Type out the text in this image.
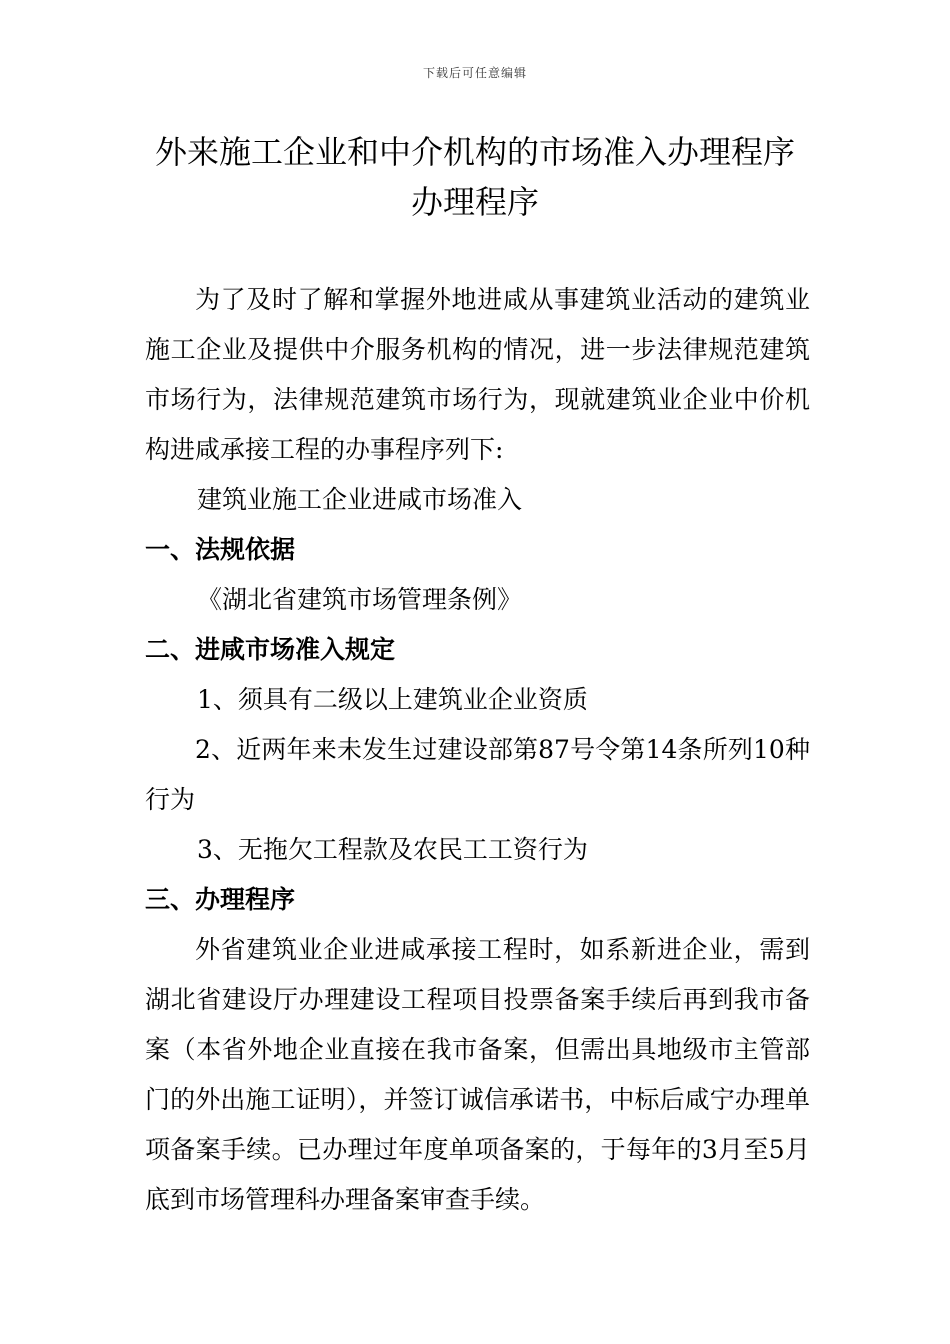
下载后可任意编辑
外来施工企业和中介机构的市场准入办理程序
办理程序

为了及时了解和掌握外地进咸从事建筑业活动的建筑业施工企业及提供中介服务机构的情况，进一步法律规范建筑市场行为，法律规范建筑市场行为，现就建筑业企业中价机构进咸承接工程的办事程序列下:

建筑业施工企业进咸市场准入

一、法规依据

《湖北省建筑市场管理条例》

二、进咸市场准入规定

1、须具有二级以上建筑业企业资质

2、近两年来未发生过建设部第87号令第14条所列10种行为

3、无拖欠工程款及农民工工资行为

三、办理程序

外省建筑业企业进咸承接工程时，如系新进企业，需到湖北省建设厅办理建设工程项目投票备案手续后再到我市备案（本省外地企业直接在我市备案，但需出具地级市主管部门的外出施工证明），并签订诚信承诺书，中标后咸宁办理单项备案手续。已办理过年度单项备案的，于每年的3月至5月底到市场管理科办理备案审查手续。
